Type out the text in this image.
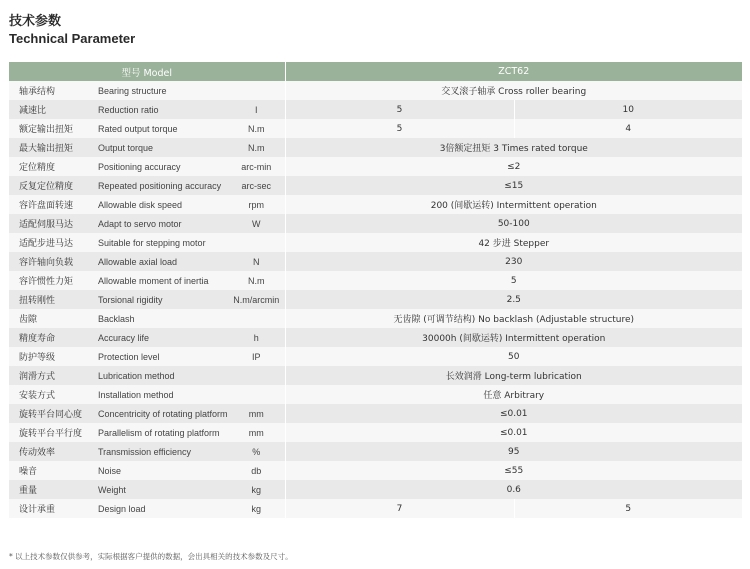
技术参数
Technical Parameter
型号 Model			ZCT62	
轴承结构	Bearing structure		交叉滚子轴承 Cross roller bearing	
减速比	Reduction ratio	I	5	10
额定输出扭矩	Rated output torque	N.m	5	4
最大输出扭矩	Output torque	N.m	3倍额定扭矩 3 Times rated torque	
定位精度	Positioning accuracy	arc-min	≤2	
反复定位精度	Repeated positioning accuracy	arc-sec	≤15	
容许盘面转速	Allowable disk speed	rpm	200 (间歇运转) Intermittent operation	
适配伺服马达	Adapt to servo motor	W	50-100	
适配步进马达	Suitable for stepping motor		42 步进 Stepper	
容许轴向负载	Allowable axial load	N	230	
容许惯性力矩	Allowable moment of inertia	N.m	5	
扭转刚性	Torsional rigidity	N.m/arcmin	2.5	
齿隙	Backlash		无齿隙 (可调节结构) No backlash (Adjustable structure)	
精度寿命	Accuracy life	h	30000h (间歇运转) Intermittent operation	
防护等级	Protection level	IP	50	
润滑方式	Lubrication method		长效润滑 Long-term lubrication	
安装方式	Installation method		任意 Arbitrary	
旋转平台同心度	Concentricity of rotating platform	mm	≤0.01	
旋转平台平行度	Parallelism of rotating platform	mm	≤0.01	
传动效率	Transmission efficiency	%	95	
噪音	Noise	db	≤55	
重量	Weight	kg	0.6	
设计承重	Design load	kg	7	5
* 以上技术参数仅供参考，实际根据客户提供的数据，会出具相关的技术参数及尺寸。
